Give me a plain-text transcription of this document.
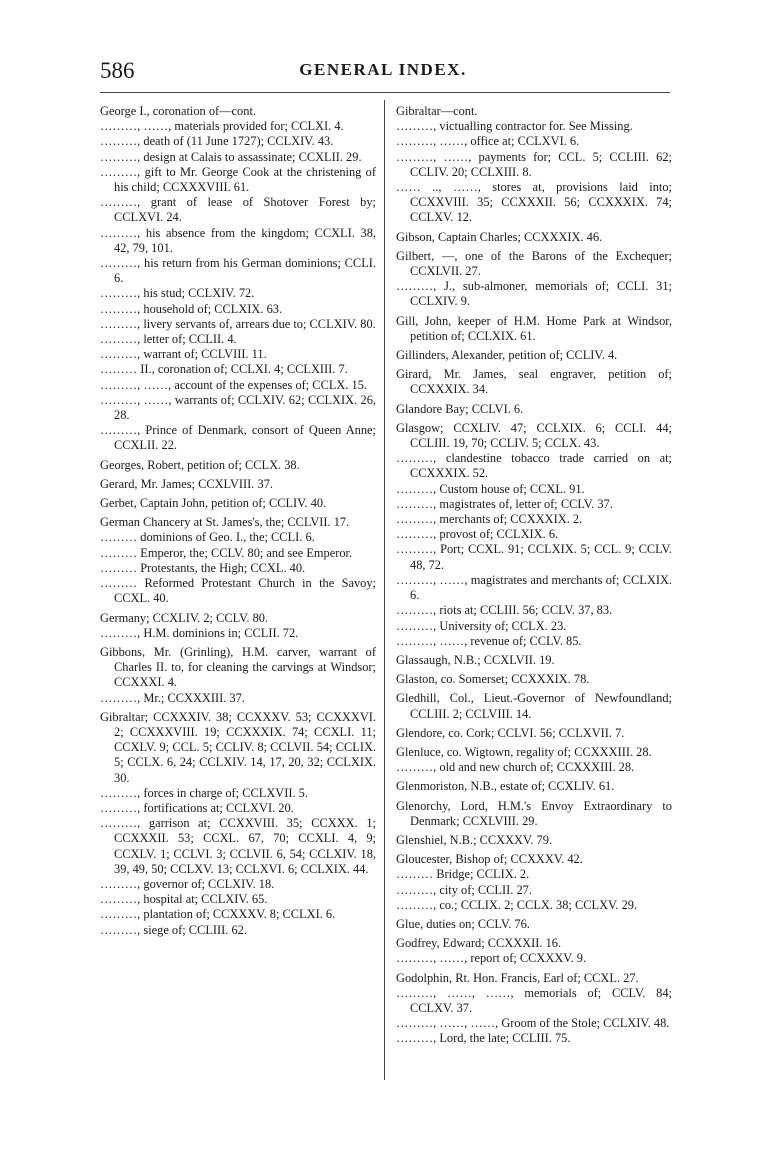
586	GENERAL INDEX.
George I., coronation of—cont.
………, ……, materials provided for; CCLXI. 4.
………, death of (11 June 1727); CCLXIV. 43.
………, design at Calais to assassinate; CCXLII. 29.
………, gift to Mr. George Cook at the christening of his child; CCXXXVIII. 61.
………, grant of lease of Shotover Forest by; CCLXVI. 24.
………, his absence from the kingdom; CCXLI. 38, 42, 79, 101.
………, his return from his German dominions; CCLI. 6.
………, his stud; CCLXIV. 72.
………, household of; CCLXIX. 63.
………, livery servants of, arrears due to; CCLXIV. 80.
………, letter of; CCLII. 4.
………, warrant of; CCLVIII. 11.
……… II., coronation of; CCLXI. 4; CCLXIII. 7.
………, ……, account of the expenses of; CCLX. 15.
………, ……, warrants of; CCLXIV. 62; CCLXIX. 26, 28.
………, Prince of Denmark, consort of Queen Anne; CCXLII. 22.
Georges, Robert, petition of; CCLX. 38.
Gerard, Mr. James; CCXLVIII. 37.
Gerbet, Captain John, petition of; CCLIV. 40.
German Chancery at St. James's, the; CCLVII. 17.
……… dominions of Geo. I., the; CCLI. 6.
……… Emperor, the; CCLV. 80; and see Emperor.
……… Protestants, the High; CCXL. 40.
……… Reformed Protestant Church in the Savoy; CCXL. 40.
Germany; CCXLIV. 2; CCLV. 80.
………, H.M. dominions in; CCLII. 72.
Gibbons, Mr. (Grinling), H.M. carver, warrant of Charles II. to, for cleaning the carvings at Windsor; CCXXXI. 4.
………, Mr.; CCXXXIII. 37.
Gibraltar; CCXXXIV. 38; CCXXXV. 53; CCXXXVI. 2; CCXXXVIII. 19; CCXXXIX. 74; CCXLI. 11; CCXLV. 9; CCL. 5; CCLIV. 8; CCLVII. 54; CCLIX. 5; CCLX. 6, 24; CCLXIV. 14, 17, 20, 32; CCLXIX. 30.
………, forces in charge of; CCLXVII. 5.
………, fortifications at; CCLXVI. 20.
………, garrison at; CCXXVIII. 35; CCXXX. 1; CCXXXII. 53; CCXL. 67, 70; CCXLI. 4, 9; CCXLV. 1; CCLVI. 3; CCLVII. 6, 54; CCLXIV. 18, 39, 49, 50; CCLXV. 13; CCLXVI. 6; CCLXIX. 44.
………, governor of; CCLXIV. 18.
………, hospital at; CCLXIV. 65.
………, plantation of; CCXXXV. 8; CCLXI. 6.
………, siege of; CCLIII. 62.
Gibraltar—cont.
………, victualling contractor for. See Missing.
………, ……, office at; CCLXVI. 6.
………, ……, payments for; CCL. 5; CCLIII. 62; CCLIV. 20; CCLXIII. 8.
…… .., ……, stores at, provisions laid into; CCXXVIII. 35; CCXXXII. 56; CCXXXIX. 74; CCLXV. 12.
Gibson, Captain Charles; CCXXXIX. 46.
Gilbert, —, one of the Barons of the Exchequer; CCXLVII. 27.
………, J., sub-almoner, memorials of; CCLI. 31; CCLXIV. 9.
Gill, John, keeper of H.M. Home Park at Windsor, petition of; CCLXIX. 61.
Gillinders, Alexander, petition of; CCLIV. 4.
Girard, Mr. James, seal engraver, petition of; CCXXXIX. 34.
Glandore Bay; CCLVI. 6.
Glasgow; CCXLIV. 47; CCLXIX. 6; CCLI. 44; CCLIII. 19, 70; CCLIV. 5; CCLX. 43.
………, clandestine tobacco trade carried on at; CCXXXIX. 52.
………, Custom house of; CCXL. 91.
………, magistrates of, letter of; CCLV. 37.
………, merchants of; CCXXXIX. 2.
………, provost of; CCLXIX. 6.
………, Port; CCXL. 91; CCLXIX. 5; CCL. 9; CCLV. 48, 72.
………, ……, magistrates and merchants of; CCLXIX. 6.
………, riots at; CCLIII. 56; CCLV. 37, 83.
………, University of; CCLX. 23.
………, ……, revenue of; CCLV. 85.
Glassaugh, N.B.; CCXLVII. 19.
Glaston, co. Somerset; CCXXXIX. 78.
Gledhill, Col., Lieut.-Governor of Newfoundland; CCLIII. 2; CCLVIII. 14.
Glendore, co. Cork; CCLVI. 56; CCLXVII. 7.
Glenluce, co. Wigtown, regality of; CCXXXIII. 28.
………, old and new church of; CCXXXIII. 28.
Glenmoriston, N.B., estate of; CCXLIV. 61.
Glenorchy, Lord, H.M.'s Envoy Extraordinary to Denmark; CCXLVIII. 29.
Glenshiel, N.B.; CCXXXV. 79.
Gloucester, Bishop of; CCXXXV. 42.
……… Bridge; CCLIX. 2.
………, city of; CCLII. 27.
………, co.; CCLIX. 2; CCLX. 38; CCLXV. 29.
Glue, duties on; CCLV. 76.
Godfrey, Edward; CCXXXII. 16.
………, ……, report of; CCXXXV. 9.
Godolphin, Rt. Hon. Francis, Earl of; CCXL. 27.
………, ……, ……, memorials of; CCLV. 84; CCLXV. 37.
………, ……, ……, Groom of the Stole; CCLXIV. 48.
………, Lord, the late; CCLIII. 75.
